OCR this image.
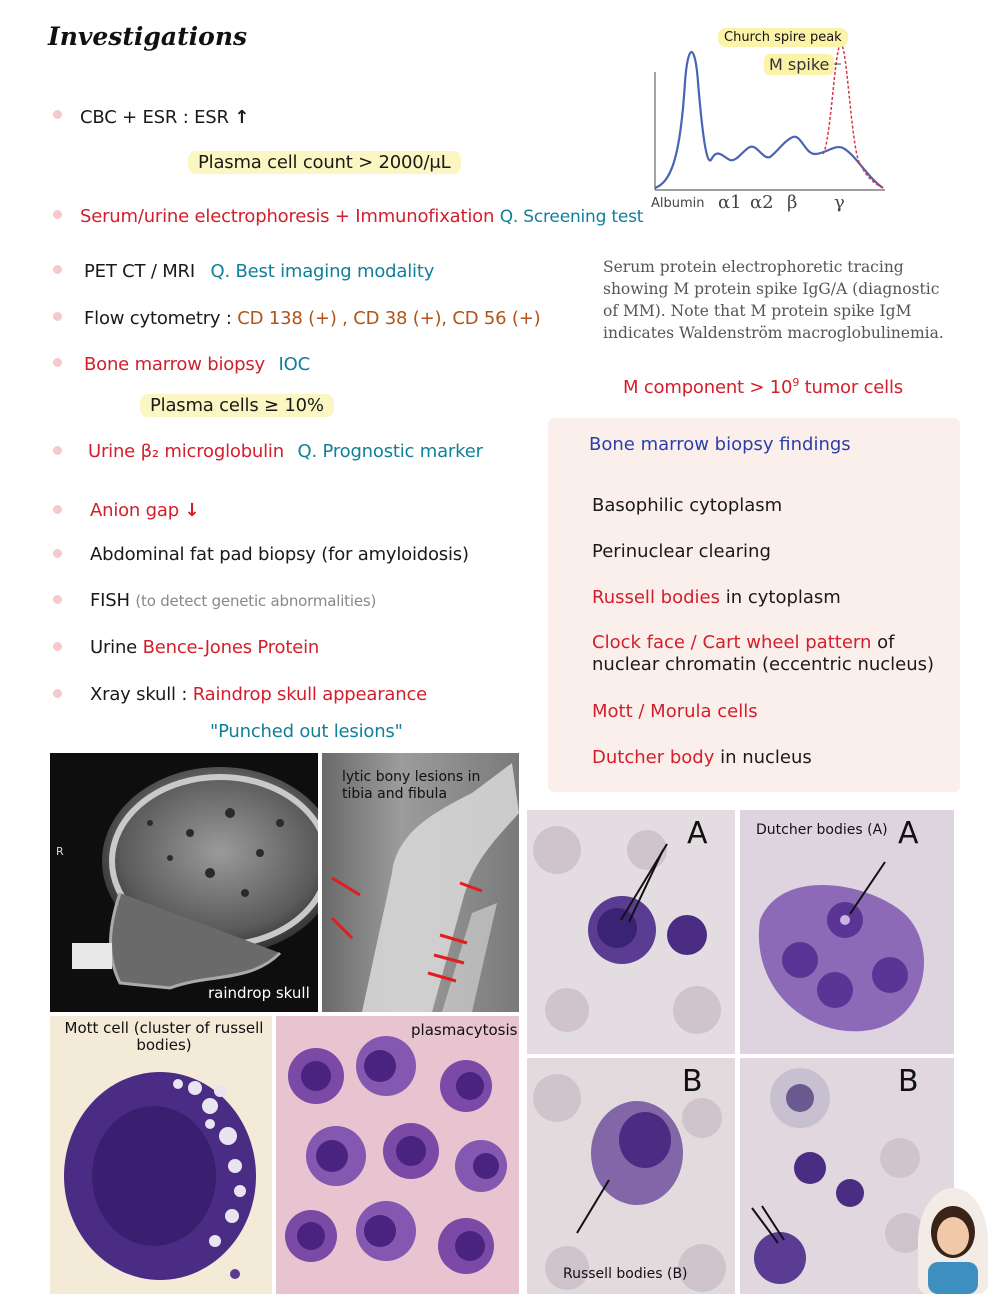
Investigations
CBC + ESR : ESR ↑
Plasma cell count > 2000/μL
Serum/urine electrophoresis + Immunofixation Q. Screening test
PET CT / MRI Q. Best imaging modality
Flow cytometry : CD 138 (+) , CD 38 (+), CD 56 (+)
Bone marrow biopsy IOC
Plasma cells ≥ 10%
Urine β₂ microglobulin Q. Prognostic marker
Anion gap ↓
Abdominal fat pad biopsy (for amyloidosis)
FISH (to detect genetic abnormalities)
Urine Bence-Jones Protein
Xray skull : Raindrop skull appearance
"Punched out lesions"
Church spire peak
M spike
Albumin α1 α2 β γ
Serum protein electrophoretic tracing showing M protein spike IgG/A (diagnostic of MM). Note that M protein spike IgM indicates Waldenström macroglobulinemia.
M component > $10^9$ tumor cells
Bone marrow biopsy findings
Basophilic cytoplasm
Perinuclear clearing
Russell bodies in cytoplasm
Clock face / Cart wheel pattern of
nuclear chromatin (eccentric nucleus)
Mott / Morula cells
Dutcher body in nucleus
R
raindrop skull
lytic bony lesions in tibia and fibula
Mott cell (cluster of russell bodies)
plasmacytosis
A	Dutcher bodies (A) A
B
Russell bodies (B)
B
